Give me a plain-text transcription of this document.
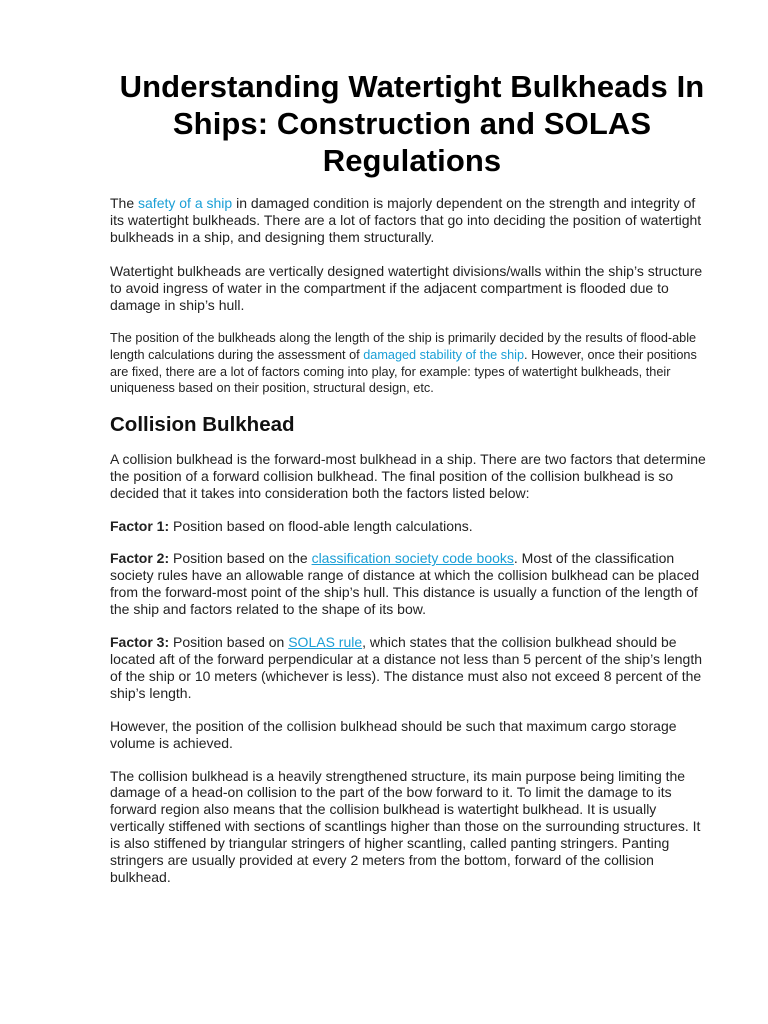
Understanding Watertight Bulkheads In Ships: Construction and SOLAS Regulations

The safety of a ship in damaged condition is majorly dependent on the strength and integrity of its watertight bulkheads. There are a lot of factors that go into deciding the position of watertight bulkheads in a ship, and designing them structurally.

Watertight bulkheads are vertically designed watertight divisions/walls within the ship’s structure to avoid ingress of water in the compartment if the adjacent compartment is flooded due to damage in ship’s hull.

The position of the bulkheads along the length of the ship is primarily decided by the results of flood-able length calculations during the assessment of damaged stability of the ship. However, once their positions are fixed, there are a lot of factors coming into play, for example: types of watertight bulkheads, their uniqueness based on their position, structural design, etc.

Collision Bulkhead

A collision bulkhead is the forward-most bulkhead in a ship. There are two factors that determine the position of a forward collision bulkhead. The final position of the collision bulkhead is so decided that it takes into consideration both the factors listed below:

Factor 1: Position based on flood-able length calculations.

Factor 2: Position based on the classification society code books. Most of the classification society rules have an allowable range of distance at which the collision bulkhead can be placed from the forward-most point of the ship’s hull. This distance is usually a function of the length of the ship and factors related to the shape of its bow.

Factor 3: Position based on SOLAS rule, which states that the collision bulkhead should be located aft of the forward perpendicular at a distance not less than 5 percent of the ship’s length of the ship or 10 meters (whichever is less). The distance must also not exceed 8 percent of the ship’s length.

However, the position of the collision bulkhead should be such that maximum cargo storage volume is achieved.

The collision bulkhead is a heavily strengthened structure, its main purpose being limiting the damage of a head-on collision to the part of the bow forward to it. To limit the damage to its forward region also means that the collision bulkhead is watertight bulkhead. It is usually vertically stiffened with sections of scantlings higher than those on the surrounding structures. It is also stiffened by triangular stringers of higher scantling, called panting stringers. Panting stringers are usually provided at every 2 meters from the bottom, forward of the collision bulkhead.
